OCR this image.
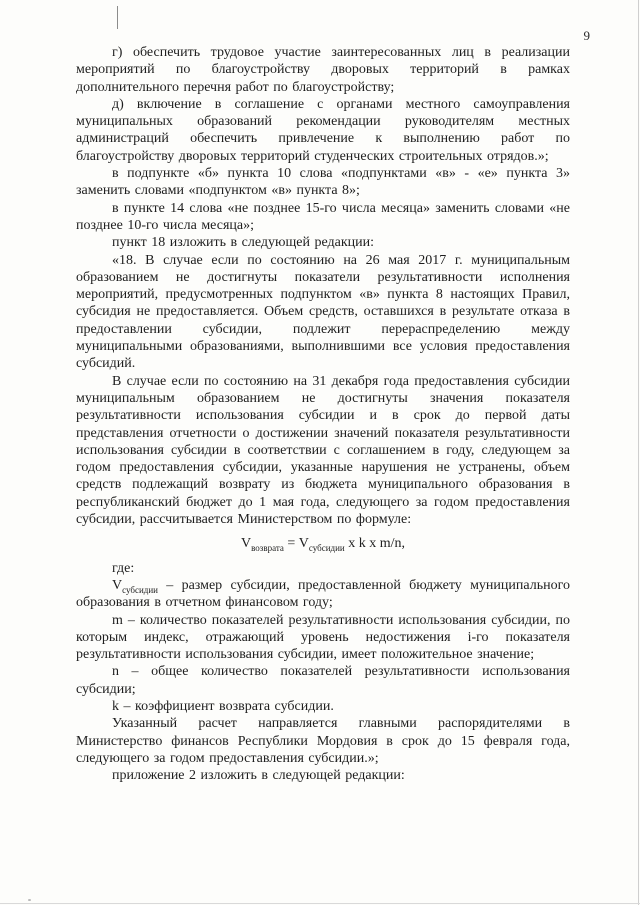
9

г) обеспечить трудовое участие заинтересованных лиц в реализации мероприятий по благоустройству дворовых территорий в рамках дополнительного перечня работ по благоустройству;

д) включение в соглашение с органами местного самоуправления муниципальных образований рекомендации руководителям местных администраций обеспечить привлечение к выполнению работ по благоустройству дворовых территорий студенческих строительных отрядов.»;

в подпункте «б» пункта 10 слова «подпунктами «в» - «е» пункта 3» заменить словами «подпунктом «в» пункта 8»;

в пункте 14 слова «не позднее 15-го числа месяца» заменить словами «не позднее 10-го числа месяца»;

пункт 18 изложить в следующей редакции:

«18. В случае если по состоянию на 26 мая 2017 г. муниципальным образованием не достигнуты показатели результативности исполнения мероприятий, предусмотренных подпунктом «в» пункта 8 настоящих Правил, субсидия не предоставляется. Объем средств, оставшихся в результате отказа в предоставлении субсидии, подлежит перераспределению между муниципальными образованиями, выполнившими все условия предоставления субсидий.

В случае если по состоянию на 31 декабря года предоставления субсидии муниципальным образованием не достигнуты значения показателя результативности использования субсидии и в срок до первой даты представления отчетности о достижении значений показателя результативности использования субсидии в соответствии с соглашением в году, следующем за годом предоставления субсидии, указанные нарушения не устранены, объем средств подлежащий возврату из бюджета муниципального образования в республиканский бюджет до 1 мая года, следующего за годом предоставления субсидии, рассчитывается Министерством по формуле:

$V_{возврата} = V_{субсидии}$ x k x m/n,

где:

$V_{субсидии}$ – размер субсидии, предоставленной бюджету муниципального образования в отчетном финансовом году;

m – количество показателей результативности использования субсидии, по которым индекс, отражающий уровень недостижения i-го показателя результативности использования субсидии, имеет положительное значение;

n – общее количество показателей результативности использования субсидии;

k – коэффициент возврата субсидии.

Указанный расчет направляется главными распорядителями в Министерство финансов Республики Мордовия в срок до 15 февраля года, следующего за годом предоставления субсидии.»;

приложение 2 изложить в следующей редакции:
